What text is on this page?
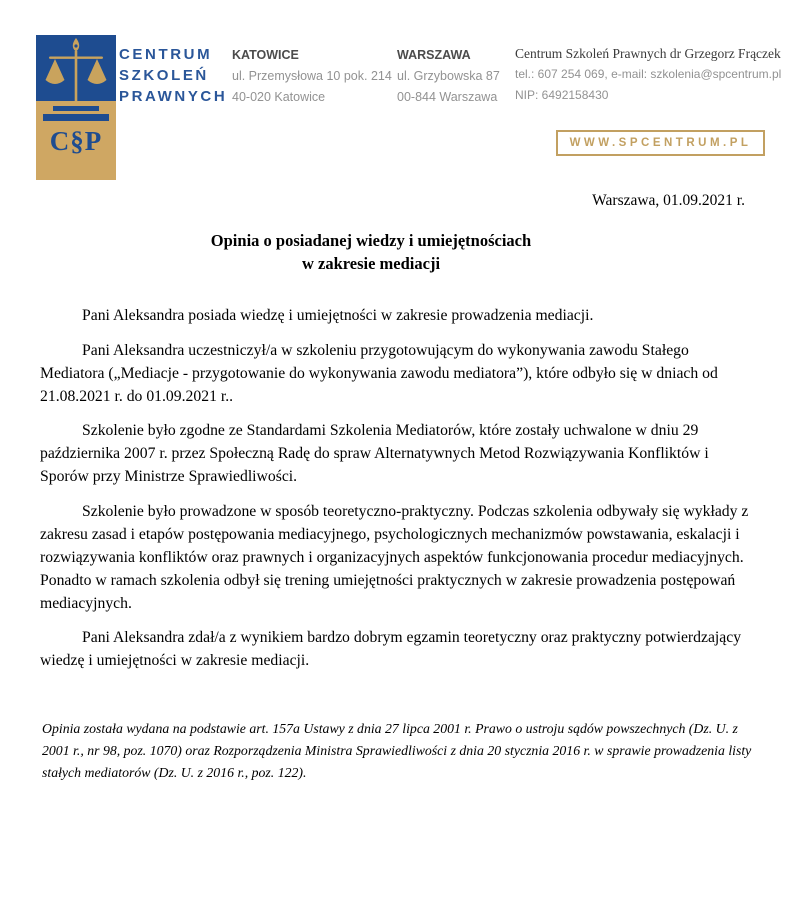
C§P
CENTRUM
SZKOLEŃ
PRAWNYCH
KATOWICE
ul. Przemysłowa 10 pok. 214
40-020 Katowice
WARSZAWA
ul. Grzybowska 87
00-844 Warszawa
Centrum Szkoleń Prawnych dr Grzegorz Frączek
tel.: 607 254 069, e-mail: szkolenia@spcentrum.pl
NIP: 6492158430
WWW.SPCENTRUM.PL
Warszawa, 01.09.2021 r.
Opinia o posiadanej wiedzy i umiejętnościach
w zakresie mediacji

Pani Aleksandra posiada wiedzę i umiejętności w zakresie prowadzenia mediacji.

Pani Aleksandra uczestniczył/a w szkoleniu przygotowującym do wykonywania zawodu Stałego Mediatora („Mediacje - przygotowanie do wykonywania zawodu mediatora”), które odbyło się w dniach od 21.08.2021 r. do 01.09.2021 r..

Szkolenie było zgodne ze Standardami Szkolenia Mediatorów, które zostały uchwalone w dniu 29 października 2007 r. przez Społeczną Radę do spraw Alternatywnych Metod Rozwiązywania Konfliktów i Sporów przy Ministrze Sprawiedliwości.

Szkolenie było prowadzone w sposób teoretyczno-praktyczny. Podczas szkolenia odbywały się wykłady z zakresu zasad i etapów postępowania mediacyjnego, psychologicznych mechanizmów powstawania, eskalacji i rozwiązywania konfliktów oraz prawnych i organizacyjnych aspektów funkcjonowania procedur mediacyjnych. Ponadto w ramach szkolenia odbył się trening umiejętności praktycznych w zakresie prowadzenia postępowań mediacyjnych.

Pani Aleksandra zdał/a z wynikiem bardzo dobrym egzamin teoretyczny oraz praktyczny potwierdzający wiedzę i umiejętności w zakresie mediacji.

Opinia została wydana na podstawie art. 157a Ustawy z dnia 27 lipca 2001 r. Prawo o ustroju sądów powszechnych (Dz. U. z 2001 r., nr 98, poz. 1070) oraz Rozporządzenia Ministra Sprawiedliwości z dnia 20 stycznia 2016 r. w sprawie prowadzenia listy stałych mediatorów (Dz. U. z 2016 r., poz. 122).
